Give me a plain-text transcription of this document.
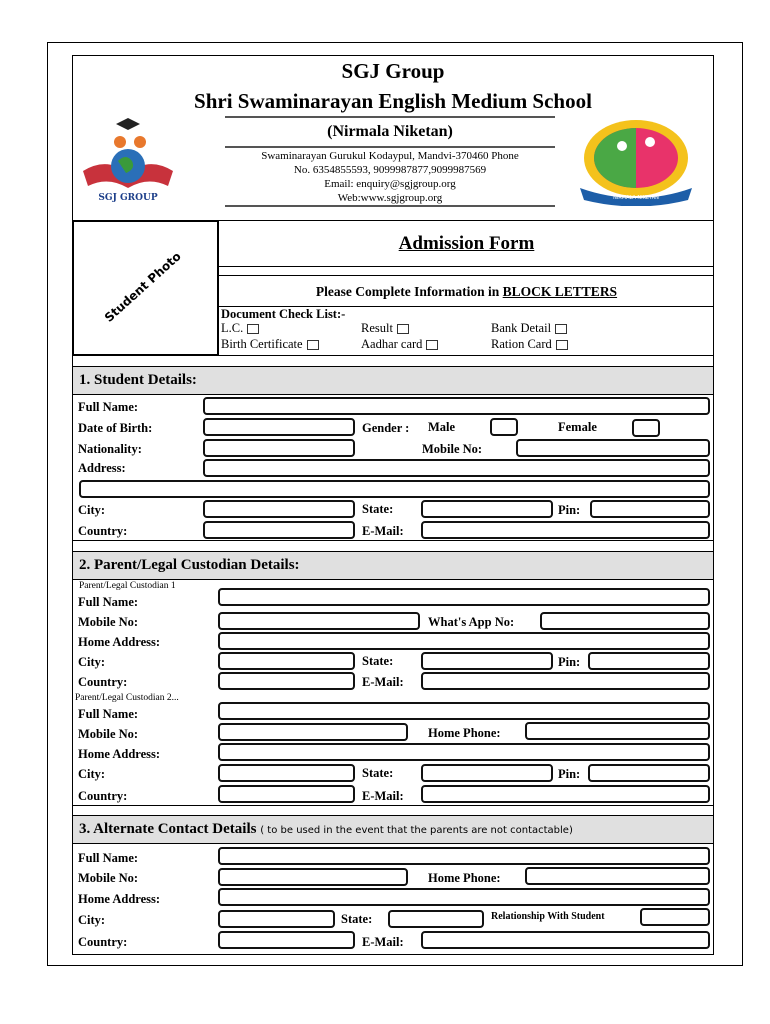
SGJ Group
Shri Swaminarayan English Medium School
(Nirmala Niketan)
Swaminarayan Gurukul Kodaypul, Mandvi-370460 Phone
No. 6354855593, 9099987877,9099987569
Email: enquiry@sgjgroup.org
Web:www.sgjgroup.org
SGJ GROUP	NIRMALA NIKETAN
Student Photo
Admission Form
Please Complete Information in BLOCK LETTERS
Document Check List:-
L.C.	Result	Bank Detail
Birth Certificate	Aadhar card	Ration Card
1. Student Details:
Full Name:
Date of Birth:	Gender : Male	Female
Nationality:	Mobile No:
Address:
City:	State:	Pin:
Country:	E-Mail:
2. Parent/Legal Custodian Details:
Parent/Legal Custodian 1
Full Name:
Mobile No:	What's App No:
Home Address:
City:	State:	Pin:
Country:	E-Mail:
Parent/Legal Custodian 2...
Full Name:
Mobile No:	Home Phone:
Home Address:
City:	State:	Pin:
Country:	E-Mail:
3. Alternate Contact Details ( to be used in the event that the parents are not contactable)
Full Name:
Mobile No:	Home Phone:
Home Address:
City:	State:	Relationship With Student
Country:	E-Mail:
